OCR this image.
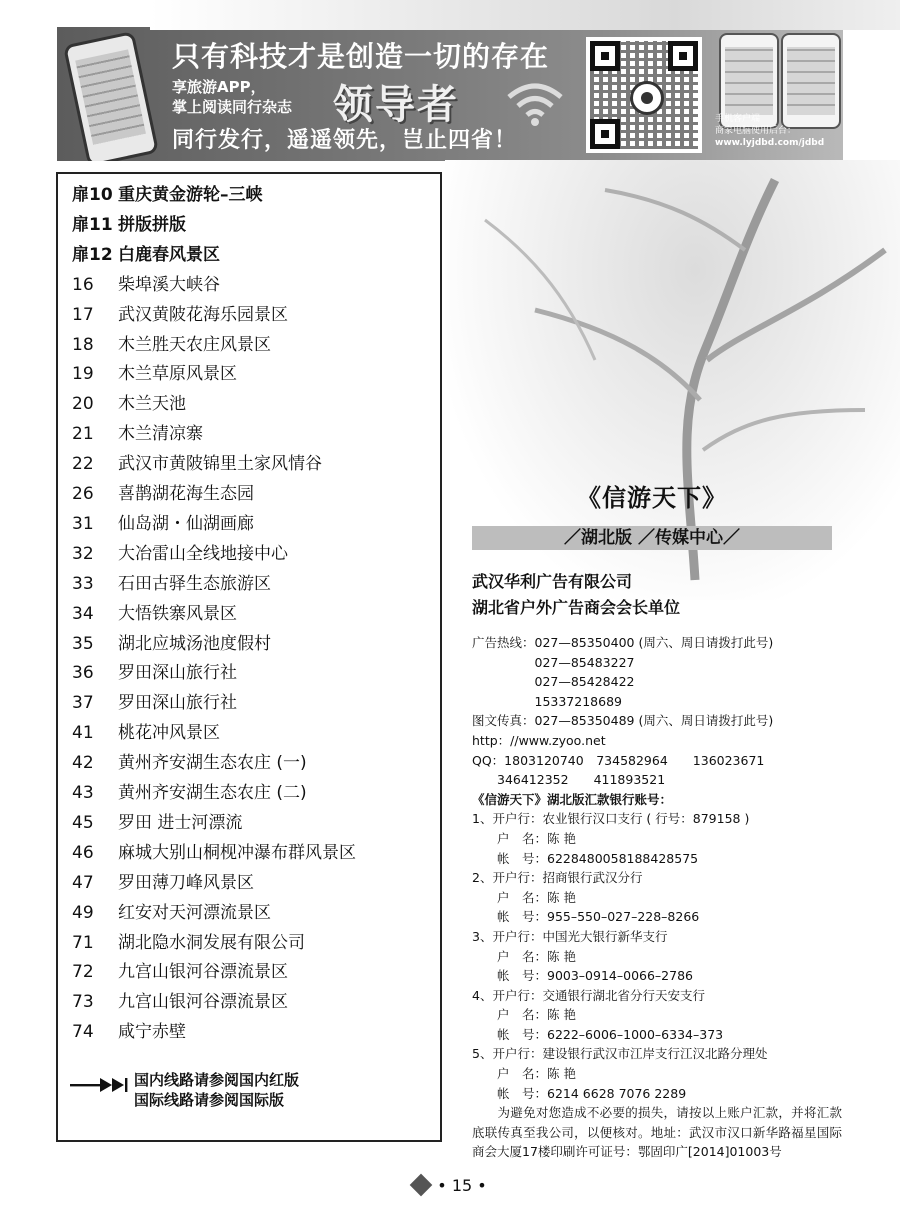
只有科技才是创造一切的存在
享旅游APP，
掌上阅读同行杂志	领导者
同行发行，遥遥领先，岂止四省！
手机客户端
商家电脑使用后台：
www.lyjdbd.com/jdbd
扉10 重庆黄金游轮–三峡
扉11 拼版拼版
扉12 白鹿春风景区
16 柴埠溪大峡谷
17 武汉黄陂花海乐园景区
18 木兰胜天农庄风景区
19 木兰草原风景区
20 木兰天池
21 木兰清凉寨
22 武汉市黄陂锦里土家风情谷
26 喜鹊湖花海生态园
31 仙岛湖・仙湖画廊
32 大冶雷山全线地接中心
33 石田古驿生态旅游区
34 大悟铁寨风景区
35 湖北应城汤池度假村
36 罗田深山旅行社
37 罗田深山旅行社
41 桃花冲风景区
42 黄州齐安湖生态农庄 (一)
43 黄州齐安湖生态农庄 (二)
45 罗田 进士河漂流
46 麻城大别山桐枧冲瀑布群风景区
47 罗田薄刀峰风景区
49 红安对天河漂流景区
71 湖北隐水洞发展有限公司
72 九宫山银河谷漂流景区
73 九宫山银河谷漂流景区
74 咸宁赤壁
国内线路请参阅国内红版
国际线路请参阅国际版
《信游天下》
／湖北版 ／传媒中心／
武汉华利广告有限公司
湖北省户外广告商会会长单位
广告热线：027—85350400 (周六、周日请拨打此号)
　　　　　027—85483227
　　　　　027—85428422
　　　　　15337218689
图文传真：027—85350489 (周六、周日请拨打此号)
http：//www.zyoo.net
QQ：1803120740　734582964　　136023671
　　346412352　　411893521
《信游天下》湖北版汇款银行账号：
1、开户行：农业银行汉口支行 ( 行号：879158 )
　　户　名：陈 艳
　　帐　号：6228480058188428575
2、开户行：招商银行武汉分行
　　户　名：陈 艳
　　帐　号：955–550–027–228–8266
3、开户行：中国光大银行新华支行
　　户　名：陈 艳
　　帐　号：9003–0914–0066–2786
4、开户行：交通银行湖北省分行天安支行
　　户　名：陈 艳
　　帐　号：6222–6006–1000–6334–373
5、开户行：建设银行武汉市江岸支行江汉北路分理处
　　户　名：陈 艳
　　帐　号：6214 6628 7076 2289
　　为避免对您造成不必要的损失，请按以上账户汇款，并将汇款底联传真至我公司，以便核对。地址：武汉市汉口新华路福星国际商会大厦17楼印刷许可证号：鄂固印广[2014]01003号
• 15 •
